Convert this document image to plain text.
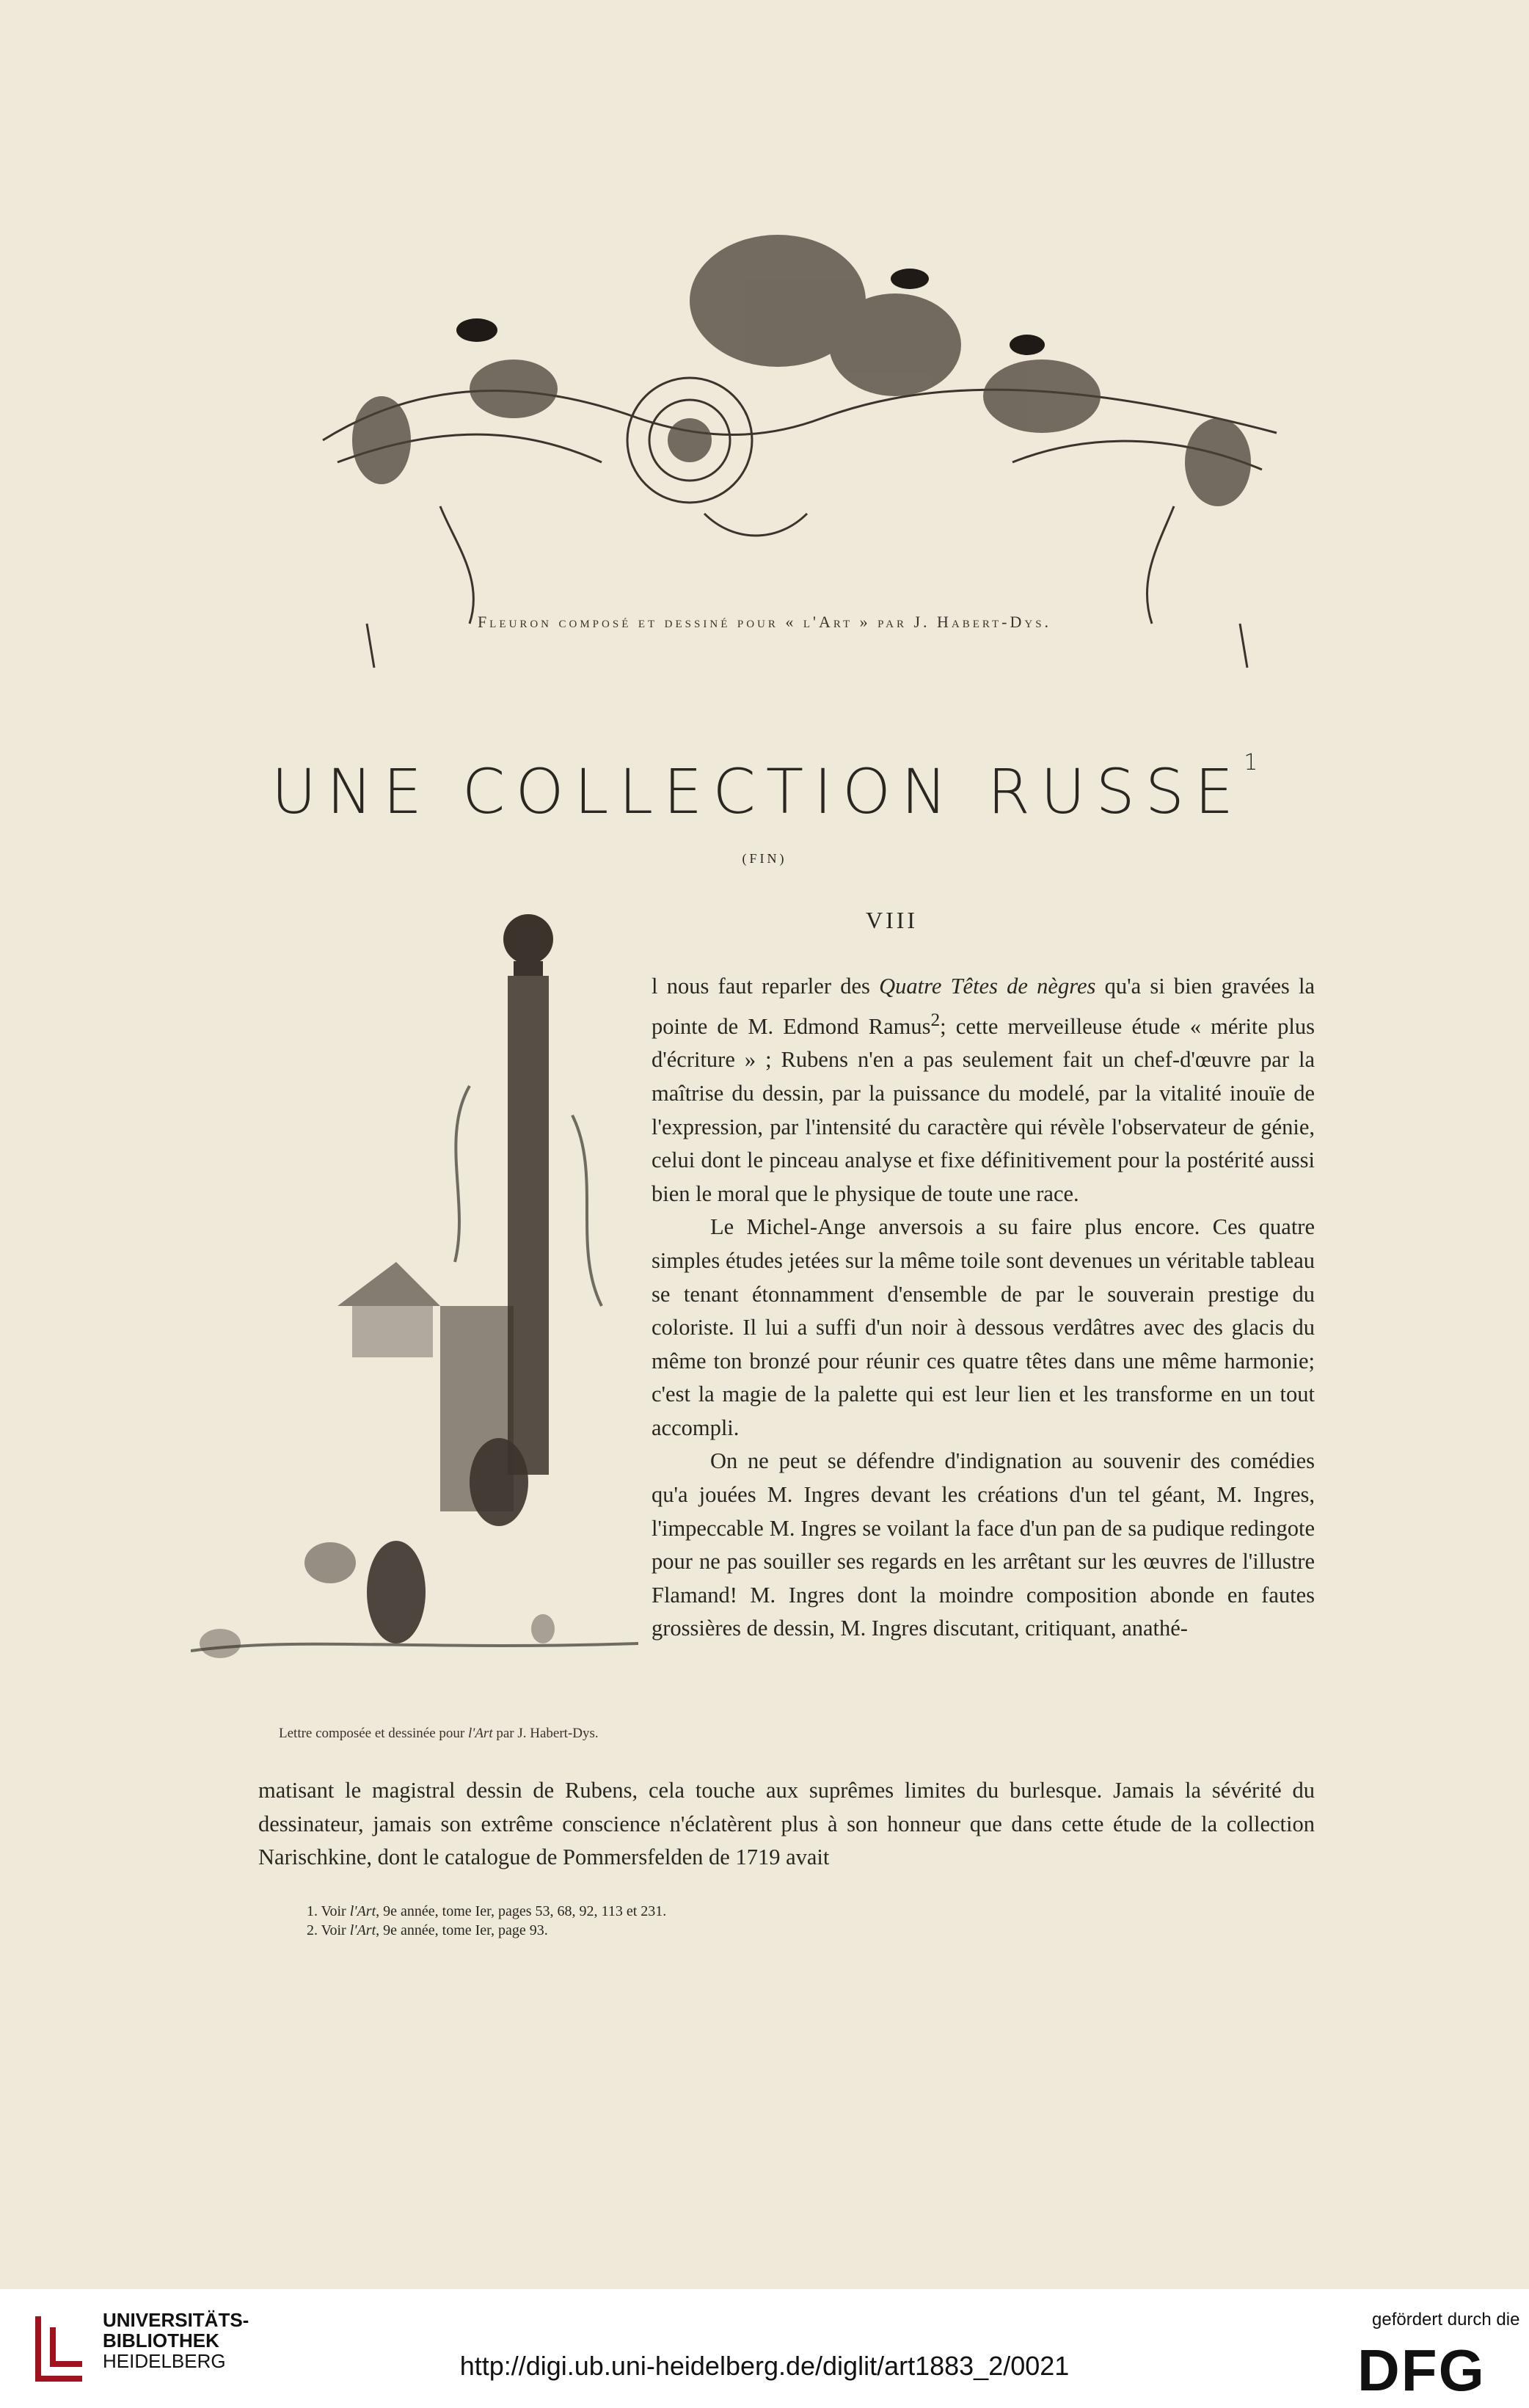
Fleuron composé et dessiné pour « l'Art » par J. Habert-Dys.
UNE COLLECTION RUSSE$^1$
(FIN)
VIII
Lettre composée et dessinée pour l'Art par J. Habert-Dys.

l nous faut reparler des Quatre Têtes de nègres qu'a si bien gravées la pointe de M. Edmond Ramus$^2$; cette merveilleuse étude « mérite plus d'écriture » ; Rubens n'en a pas seulement fait un chef-d'œuvre par la maîtrise du dessin, par la puissance du modelé, par la vitalité inouïe de l'expression, par l'intensité du caractère qui révèle l'observateur de génie, celui dont le pinceau analyse et fixe définitivement pour la postérité aussi bien le moral que le physique de toute une race.

Le Michel-Ange anversois a su faire plus encore. Ces quatre simples études jetées sur la même toile sont devenues un véritable tableau se tenant étonnamment d'ensemble de par le souverain prestige du coloriste. Il lui a suffi d'un noir à dessous verdâtres avec des glacis du même ton bronzé pour réunir ces quatre têtes dans une même harmonie; c'est la magie de la palette qui est leur lien et les transforme en un tout accompli.

On ne peut se défendre d'indignation au souvenir des comédies qu'a jouées M. Ingres devant les créations d'un tel géant, M. Ingres, l'impeccable M. Ingres se voilant la face d'un pan de sa pudique redingote pour ne pas souiller ses regards en les arrêtant sur les œuvres de l'illustre Flamand! M. Ingres dont la moindre composition abonde en fautes grossières de dessin, M. Ingres discutant, critiquant, anathé-

matisant le magistral dessin de Rubens, cela touche aux suprêmes limites du burlesque. Jamais la sévérité du dessinateur, jamais son extrême conscience n'éclatèrent plus à son honneur que dans cette étude de la collection Narischkine, dont le catalogue de Pommersfelden de 1719 avait
1. Voir l'Art, 9e année, tome Ier, pages 53, 68, 92, 113 et 231.
2. Voir l'Art, 9e année, tome Ier, page 93.
UNIVERSITÄTS-
BIBLIOTHEK
HEIDELBERG	http://digi.ub.uni-heidelberg.de/diglit/art1883_2/0021
gefördert durch die
DFG
